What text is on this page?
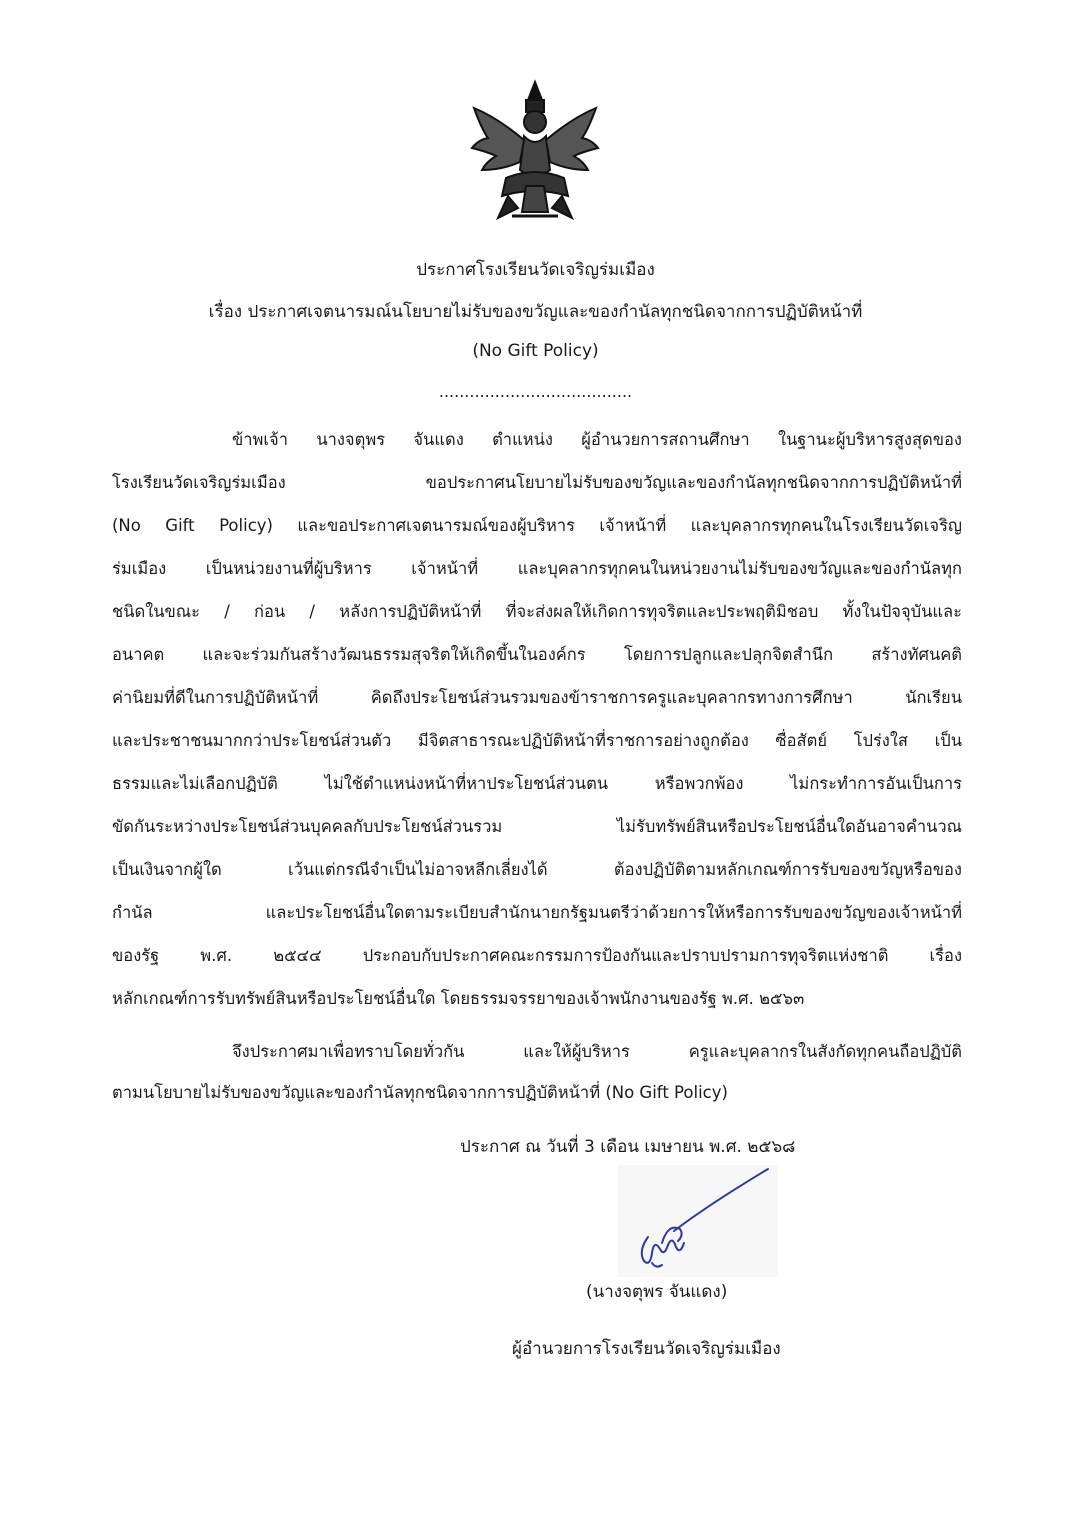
ประกาศโรงเรียนวัดเจริญร่มเมือง
เรื่อง ประกาศเจตนารมณ์นโยบายไม่รับของขวัญและของกำนัลทุกชนิดจากการปฏิบัติหน้าที่
(No Gift Policy)
......................................
ข้าพเจ้า นางจตุพร จันแดง ตำแหน่ง ผู้อำนวยการสถานศึกษา ในฐานะผู้บริหารสูงสุดของ
โรงเรียนวัดเจริญร่มเมือง ขอประกาศนโยบายไม่รับของขวัญและของกำนัลทุกชนิดจากการปฏิบัติหน้าที่
(No Gift Policy) และขอประกาศเจตนารมณ์ของผู้บริหาร เจ้าหน้าที่ และบุคลากรทุกคนในโรงเรียนวัดเจริญ
ร่มเมือง เป็นหน่วยงานที่ผู้บริหาร เจ้าหน้าที่ และบุคลากรทุกคนในหน่วยงานไม่รับของขวัญและของกำนัลทุก
ชนิดในขณะ / ก่อน / หลังการปฏิบัติหน้าที่ ที่จะส่งผลให้เกิดการทุจริตและประพฤติมิชอบ ทั้งในปัจจุบันและ
อนาคต และจะร่วมกันสร้างวัฒนธรรมสุจริตให้เกิดขึ้นในองค์กร โดยการปลูกและปลุกจิตสำนึก สร้างทัศนคติ
ค่านิยมที่ดีในการปฏิบัติหน้าที่ คิดถึงประโยชน์ส่วนรวมของข้าราชการครูและบุคลากรทางการศึกษา นักเรียน
และประชาชนมากกว่าประโยชน์ส่วนตัว มีจิตสาธารณะปฏิบัติหน้าที่ราชการอย่างถูกต้อง ซื่อสัตย์ โปร่งใส เป็น
ธรรมและไม่เลือกปฏิบัติ ไม่ใช้ตำแหน่งหน้าที่หาประโยชน์ส่วนตน หรือพวกพ้อง ไม่กระทำการอันเป็นการ
ขัดกันระหว่างประโยชน์ส่วนบุคคลกับประโยชน์ส่วนรวม ไม่รับทรัพย์สินหรือประโยชน์อื่นใดอันอาจคำนวณ
เป็นเงินจากผู้ใด เว้นแต่กรณีจำเป็นไม่อาจหลีกเลี่ยงได้ ต้องปฏิบัติตามหลักเกณฑ์การรับของขวัญหรือของ
กำนัล และประโยชน์อื่นใดตามระเบียบสำนักนายกรัฐมนตรีว่าด้วยการให้หรือการรับของขวัญของเจ้าหน้าที่
ของรัฐ พ.ศ. ๒๕๔๔ ประกอบกับประกาศคณะกรรมการป้องกันและปราบปรามการทุจริตแห่งชาติ เรื่อง
หลักเกณฑ์การรับทรัพย์สินหรือประโยชน์อื่นใด โดยธรรมจรรยาของเจ้าพนักงานของรัฐ พ.ศ. ๒๕๖๓
จึงประกาศมาเพื่อทราบโดยทั่วกัน และให้ผู้บริหาร ครูและบุคลากรในสังกัดทุกคนถือปฏิบัติ
ตามนโยบายไม่รับของขวัญและของกำนัลทุกชนิดจากการปฏิบัติหน้าที่ (No Gift Policy)
ประกาศ ณ วันที่ 3 เดือน เมษายน พ.ศ. ๒๕๖๘
(นางจตุพร จันแดง)
ผู้อำนวยการโรงเรียนวัดเจริญร่มเมือง
